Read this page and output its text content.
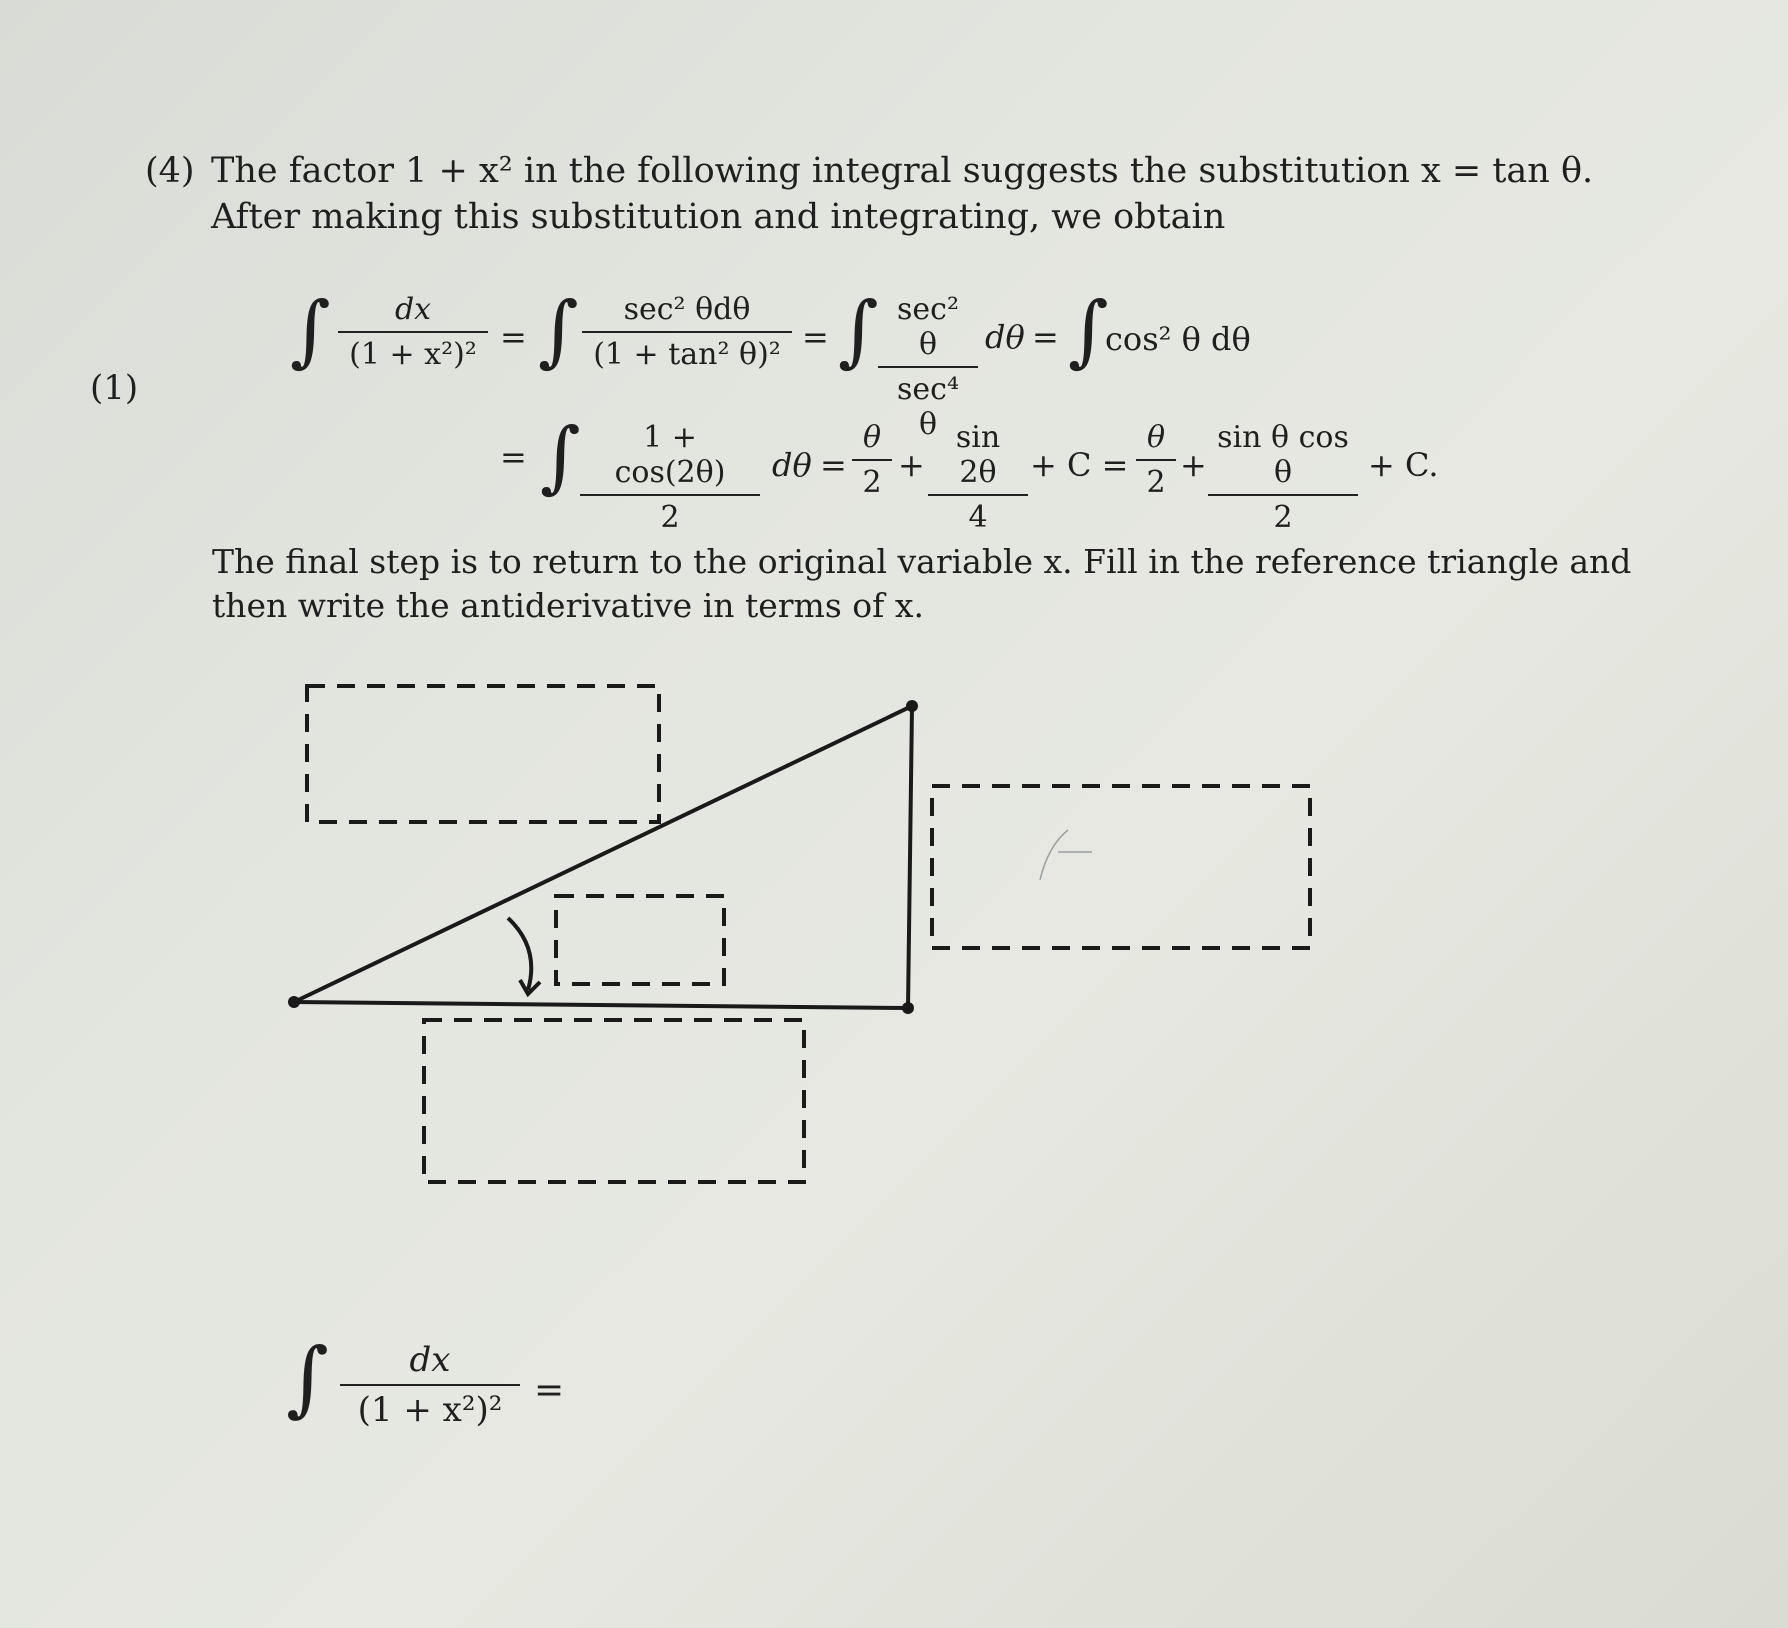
(4) The factor 1 + x² in the following integral suggests the substitution x = tan θ. After making this substitution and integrating, we obtain
(1)
∫	dx
(1 + x²)² = ∫	sec² θdθ
(1 + tan² θ)² = ∫ sec² θ
sec⁴ θ
dθ = ∫
cos² θ dθ
= ∫	1 + cos(2θ)
2
dθ =
θ
2 +
sin 2θ
4
+ C =
θ
2 +
sin θ cos θ
2
+ C.
The final step is to return to the original variable x. Fill in the reference triangle and then write the antiderivative in terms of x.
∫	dx
(1 + x²)² =
